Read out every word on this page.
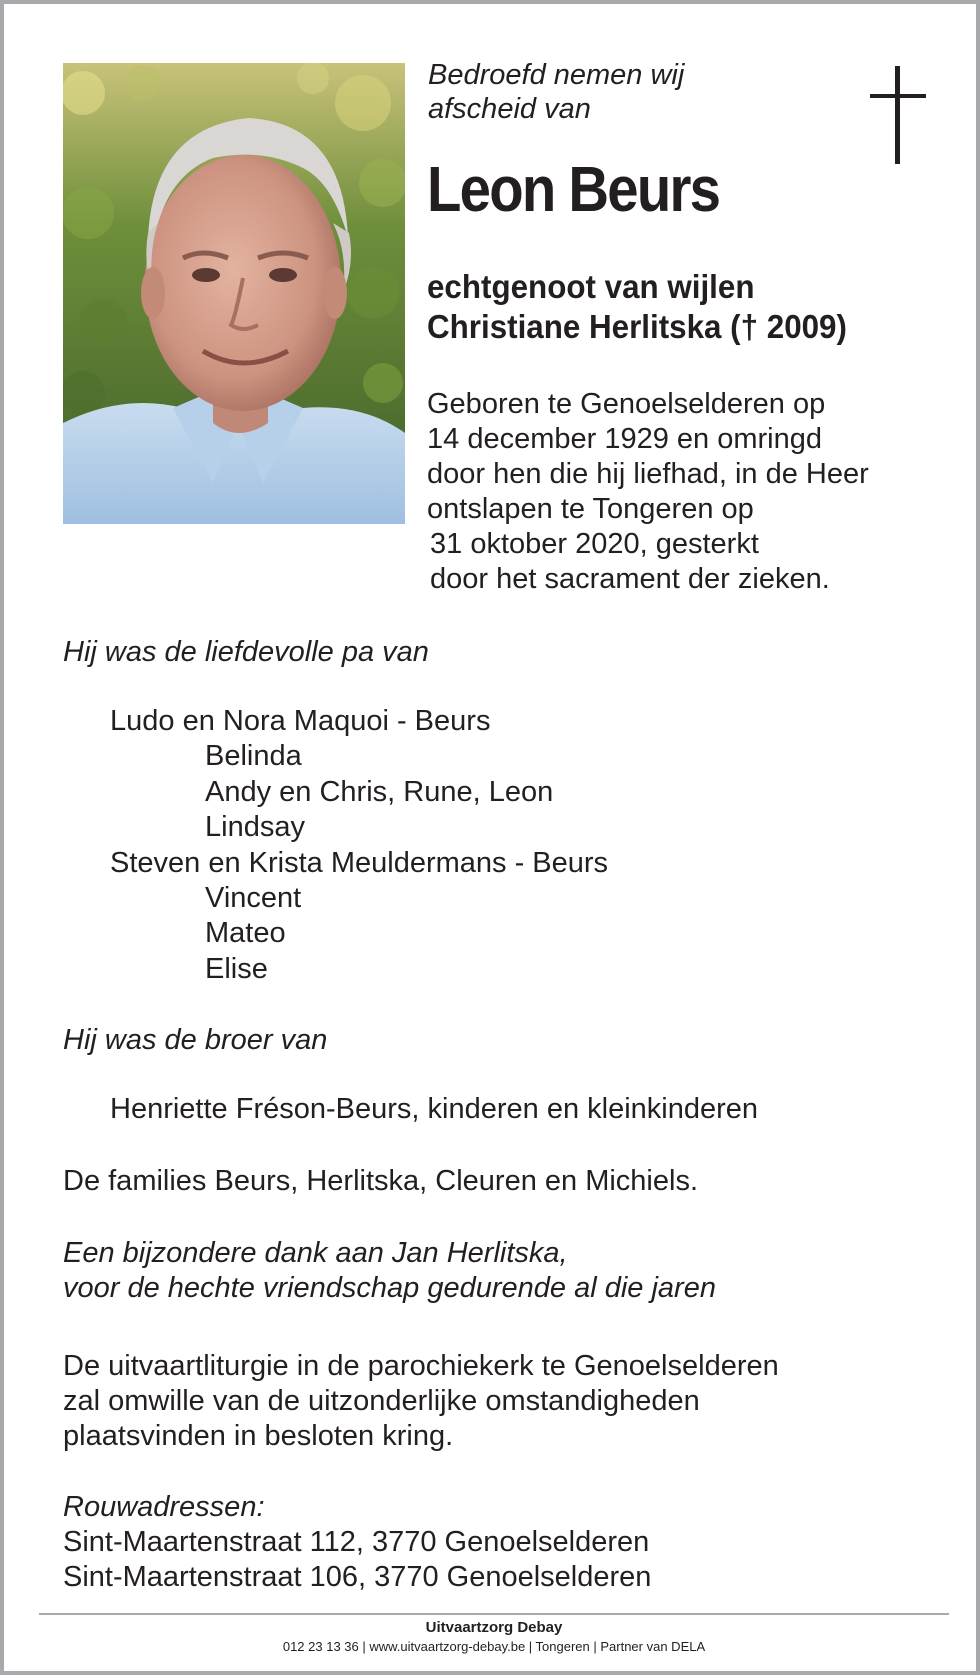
Bedroefd nemen wij
afscheid van
Leon Beurs
echtgenoot van wijlen
Christiane Herlitska († 2009)
Geboren te Genoelselderen op
14 december 1929 en omringd
door hen die hij liefhad, in de Heer
ontslapen te Tongeren op
31 oktober 2020, gesterkt
door het sacrament der zieken.

Hij was de liefdevolle pa van

Ludo en Nora Maquoi - Beurs
Belinda
Andy en Chris, Rune, Leon
Lindsay
Steven en Krista Meuldermans - Beurs
Vincent
Mateo
Elise

Hij was de broer van

Henriette Fréson-Beurs, kinderen en kleinkinderen

De families Beurs, Herlitska, Cleuren en Michiels.

Een bijzondere dank aan Jan Herlitska,
voor de hechte vriendschap gedurende al die jaren
De uitvaartliturgie in de parochiekerk te Genoelselderen
zal omwille van de uitzonderlijke omstandigheden
plaatsvinden in besloten kring.
Rouwadressen:
Sint-Maartenstraat 112, 3770 Genoelselderen
Sint-Maartenstraat 106, 3770 Genoelselderen
Uitvaartzorg Debay
012 23 13 36 | www.uitvaartzorg-debay.be | Tongeren | Partner van DELA
